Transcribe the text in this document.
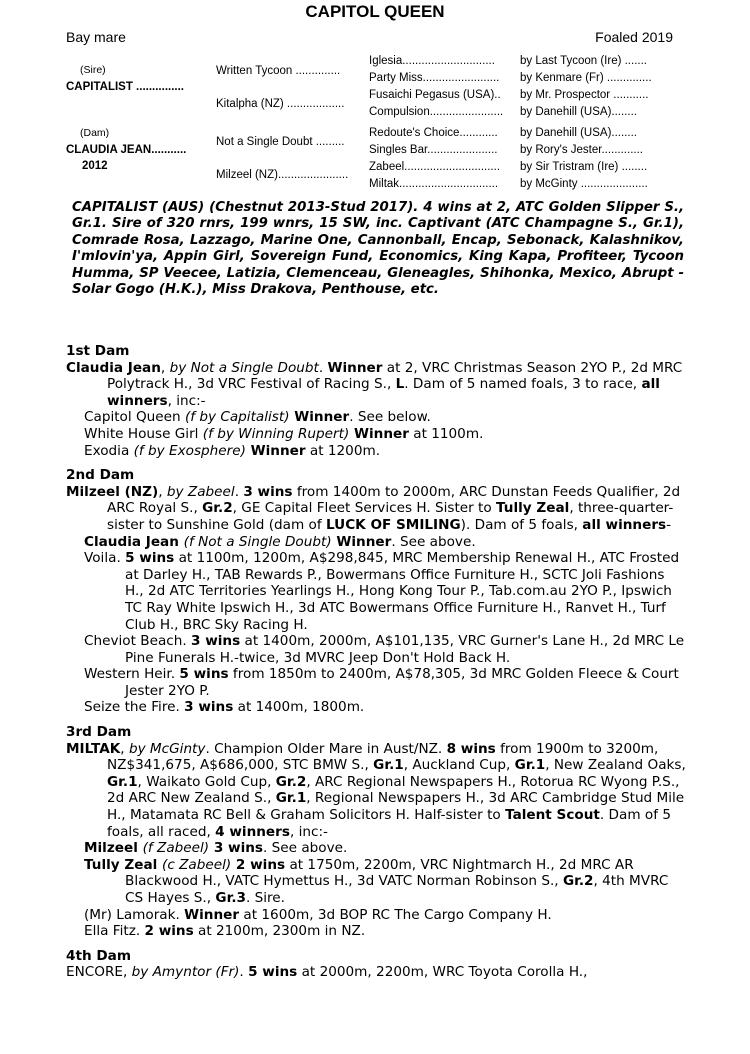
CAPITOL QUEEN
Bay mare	Foaled 2019
(Sire)
CAPITALIST ...............
(Dam)
CLAUDIA JEAN...........
2012
Written Tycoon ..............
Kitalpha (NZ) ..................
Not a Single Doubt .........
Milzeel (NZ)......................
Iglesia.............................
Party Miss........................
Fusaichi Pegasus (USA)..
Compulsion.......................
Redoute's Choice............
Singles Bar......................
Zabeel..............................
Miltak...............................
by Last Tycoon (Ire) .......
by Kenmare (Fr) ..............
by Mr. Prospector ...........
by Danehill (USA)........
by Danehill (USA)........
by Rory's Jester.............
by Sir Tristram (Ire) ........
by McGinty .....................
CAPITALIST (AUS) (Chestnut 2013-Stud 2017). 4 wins at 2, ATC Golden Slipper S., Gr.1. Sire of 320 rnrs, 199 wnrs, 15 SW, inc. Captivant (ATC Champagne S., Gr.1), Comrade Rosa, Lazzago, Marine One, Cannonball, Encap, Sebonack, Kalashnikov, I'mlovin'ya, Appin Girl, Sovereign Fund, Economics, King Kapa, Profiteer, Tycoon Humma, SP Veecee, Latizia, Clemenceau, Gleneagles, Shihonka, Mexico, Abrupt - Solar Gogo (H.K.), Miss Drakova, Penthouse, etc.
1st Dam
Claudia Jean, by Not a Single Doubt. Winner at 2, VRC Christmas Season 2YO P., 2d MRC Polytrack H., 3d VRC Festival of Racing S., L. Dam of 5 named foals, 3 to race, all winners, inc:-
Capitol Queen (f by Capitalist) Winner. See below.
White House Girl (f by Winning Rupert) Winner at 1100m.
Exodia (f by Exosphere) Winner at 1200m.
2nd Dam
Milzeel (NZ), by Zabeel. 3 wins from 1400m to 2000m, ARC Dunstan Feeds Qualifier, 2d ARC Royal S., Gr.2, GE Capital Fleet Services H. Sister to Tully Zeal, three-quarter-sister to Sunshine Gold (dam of LUCK OF SMILING). Dam of 5 foals, all winners-
Claudia Jean (f Not a Single Doubt) Winner. See above.
Voila. 5 wins at 1100m, 1200m, A$298,845, MRC Membership Renewal H., ATC Frosted at Darley H., TAB Rewards P., Bowermans Office Furniture H., SCTC Joli Fashions H., 2d ATC Territories Yearlings H., Hong Kong Tour P., Tab.com.au 2YO P., Ipswich TC Ray White Ipswich H., 3d ATC Bowermans Office Furniture H., Ranvet H., Turf Club H., BRC Sky Racing H.
Cheviot Beach. 3 wins at 1400m, 2000m, A$101,135, VRC Gurner's Lane H., 2d MRC Le Pine Funerals H.-twice, 3d MVRC Jeep Don't Hold Back H.
Western Heir. 5 wins from 1850m to 2400m, A$78,305, 3d MRC Golden Fleece & Court Jester 2YO P.
Seize the Fire. 3 wins at 1400m, 1800m.
3rd Dam
MILTAK, by McGinty. Champion Older Mare in Aust/NZ. 8 wins from 1900m to 3200m, NZ$341,675, A$686,000, STC BMW S., Gr.1, Auckland Cup, Gr.1, New Zealand Oaks, Gr.1, Waikato Gold Cup, Gr.2, ARC Regional Newspapers H., Rotorua RC Wyong P.S., 2d ARC New Zealand S., Gr.1, Regional Newspapers H., 3d ARC Cambridge Stud Mile H., Matamata RC Bell & Graham Solicitors H. Half-sister to Talent Scout. Dam of 5 foals, all raced, 4 winners, inc:-
Milzeel (f Zabeel) 3 wins. See above.
Tully Zeal (c Zabeel) 2 wins at 1750m, 2200m, VRC Nightmarch H., 2d MRC AR Blackwood H., VATC Hymettus H., 3d VATC Norman Robinson S., Gr.2, 4th MVRC CS Hayes S., Gr.3. Sire.
(Mr) Lamorak. Winner at 1600m, 3d BOP RC The Cargo Company H.
Ella Fitz. 2 wins at 2100m, 2300m in NZ.
4th Dam
ENCORE, by Amyntor (Fr). 5 wins at 2000m, 2200m, WRC Toyota Corolla H.,
